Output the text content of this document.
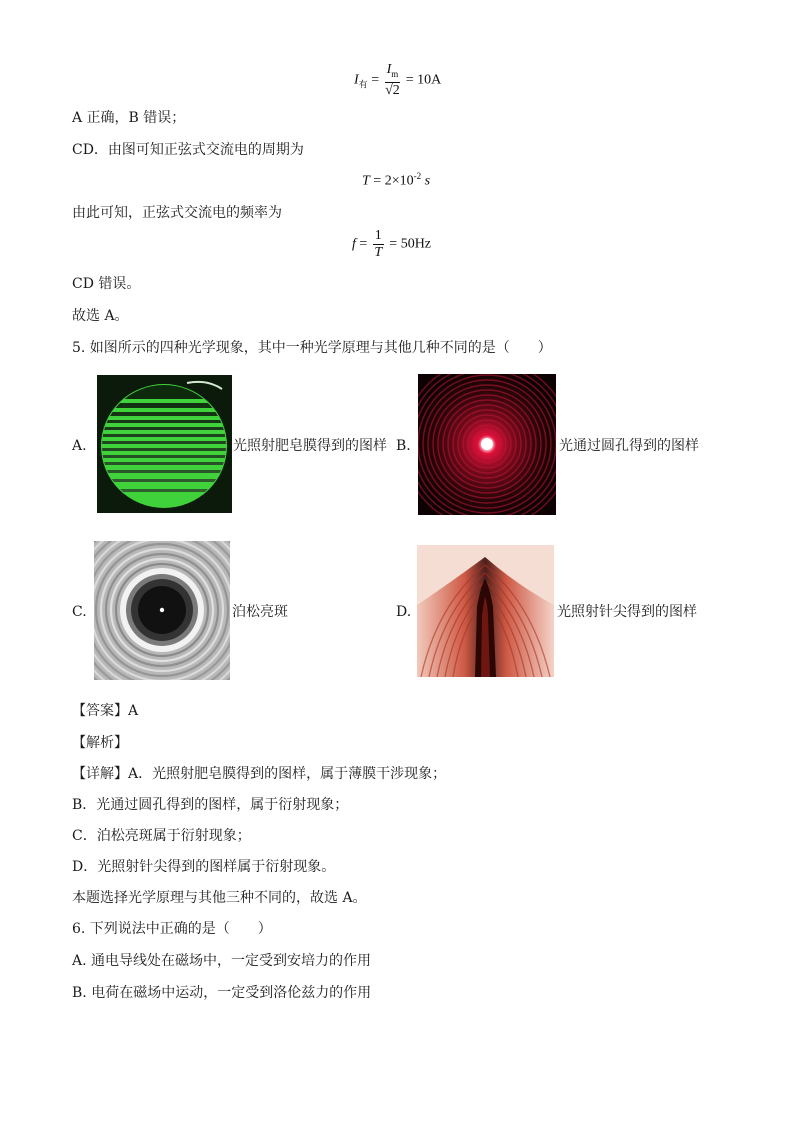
$I_有 = \frac{I_m}{√2} = 10A$
A 正确，B 错误；
CD．由图可知正弦式交流电的周期为
$T = 2\times 10^{-2}$ s
由此可知，正弦式交流电的频率为
$f = \frac{1}{T} = 50Hz$
CD 错误。
故选 A。
5. 如图所示的四种光学现象，其中一种光学原理与其他几种不同的是（　　）
A.	光照射肥皂膜得到的图样 B.	光通过圆孔得到的图样
C.	泊松亮斑	D.	光照射针尖得到的图样
【答案】A
【解析】
【详解】A．光照射肥皂膜得到的图样，属于薄膜干涉现象；
B．光通过圆孔得到的图样，属于衍射现象；
C．泊松亮斑属于衍射现象；
D．光照射针尖得到的图样属于衍射现象。
本题选择光学原理与其他三种不同的，故选 A。
6. 下列说法中正确的是（　　）
A. 通电导线处在磁场中，一定受到安培力的作用
B. 电荷在磁场中运动，一定受到洛伦兹力的作用
